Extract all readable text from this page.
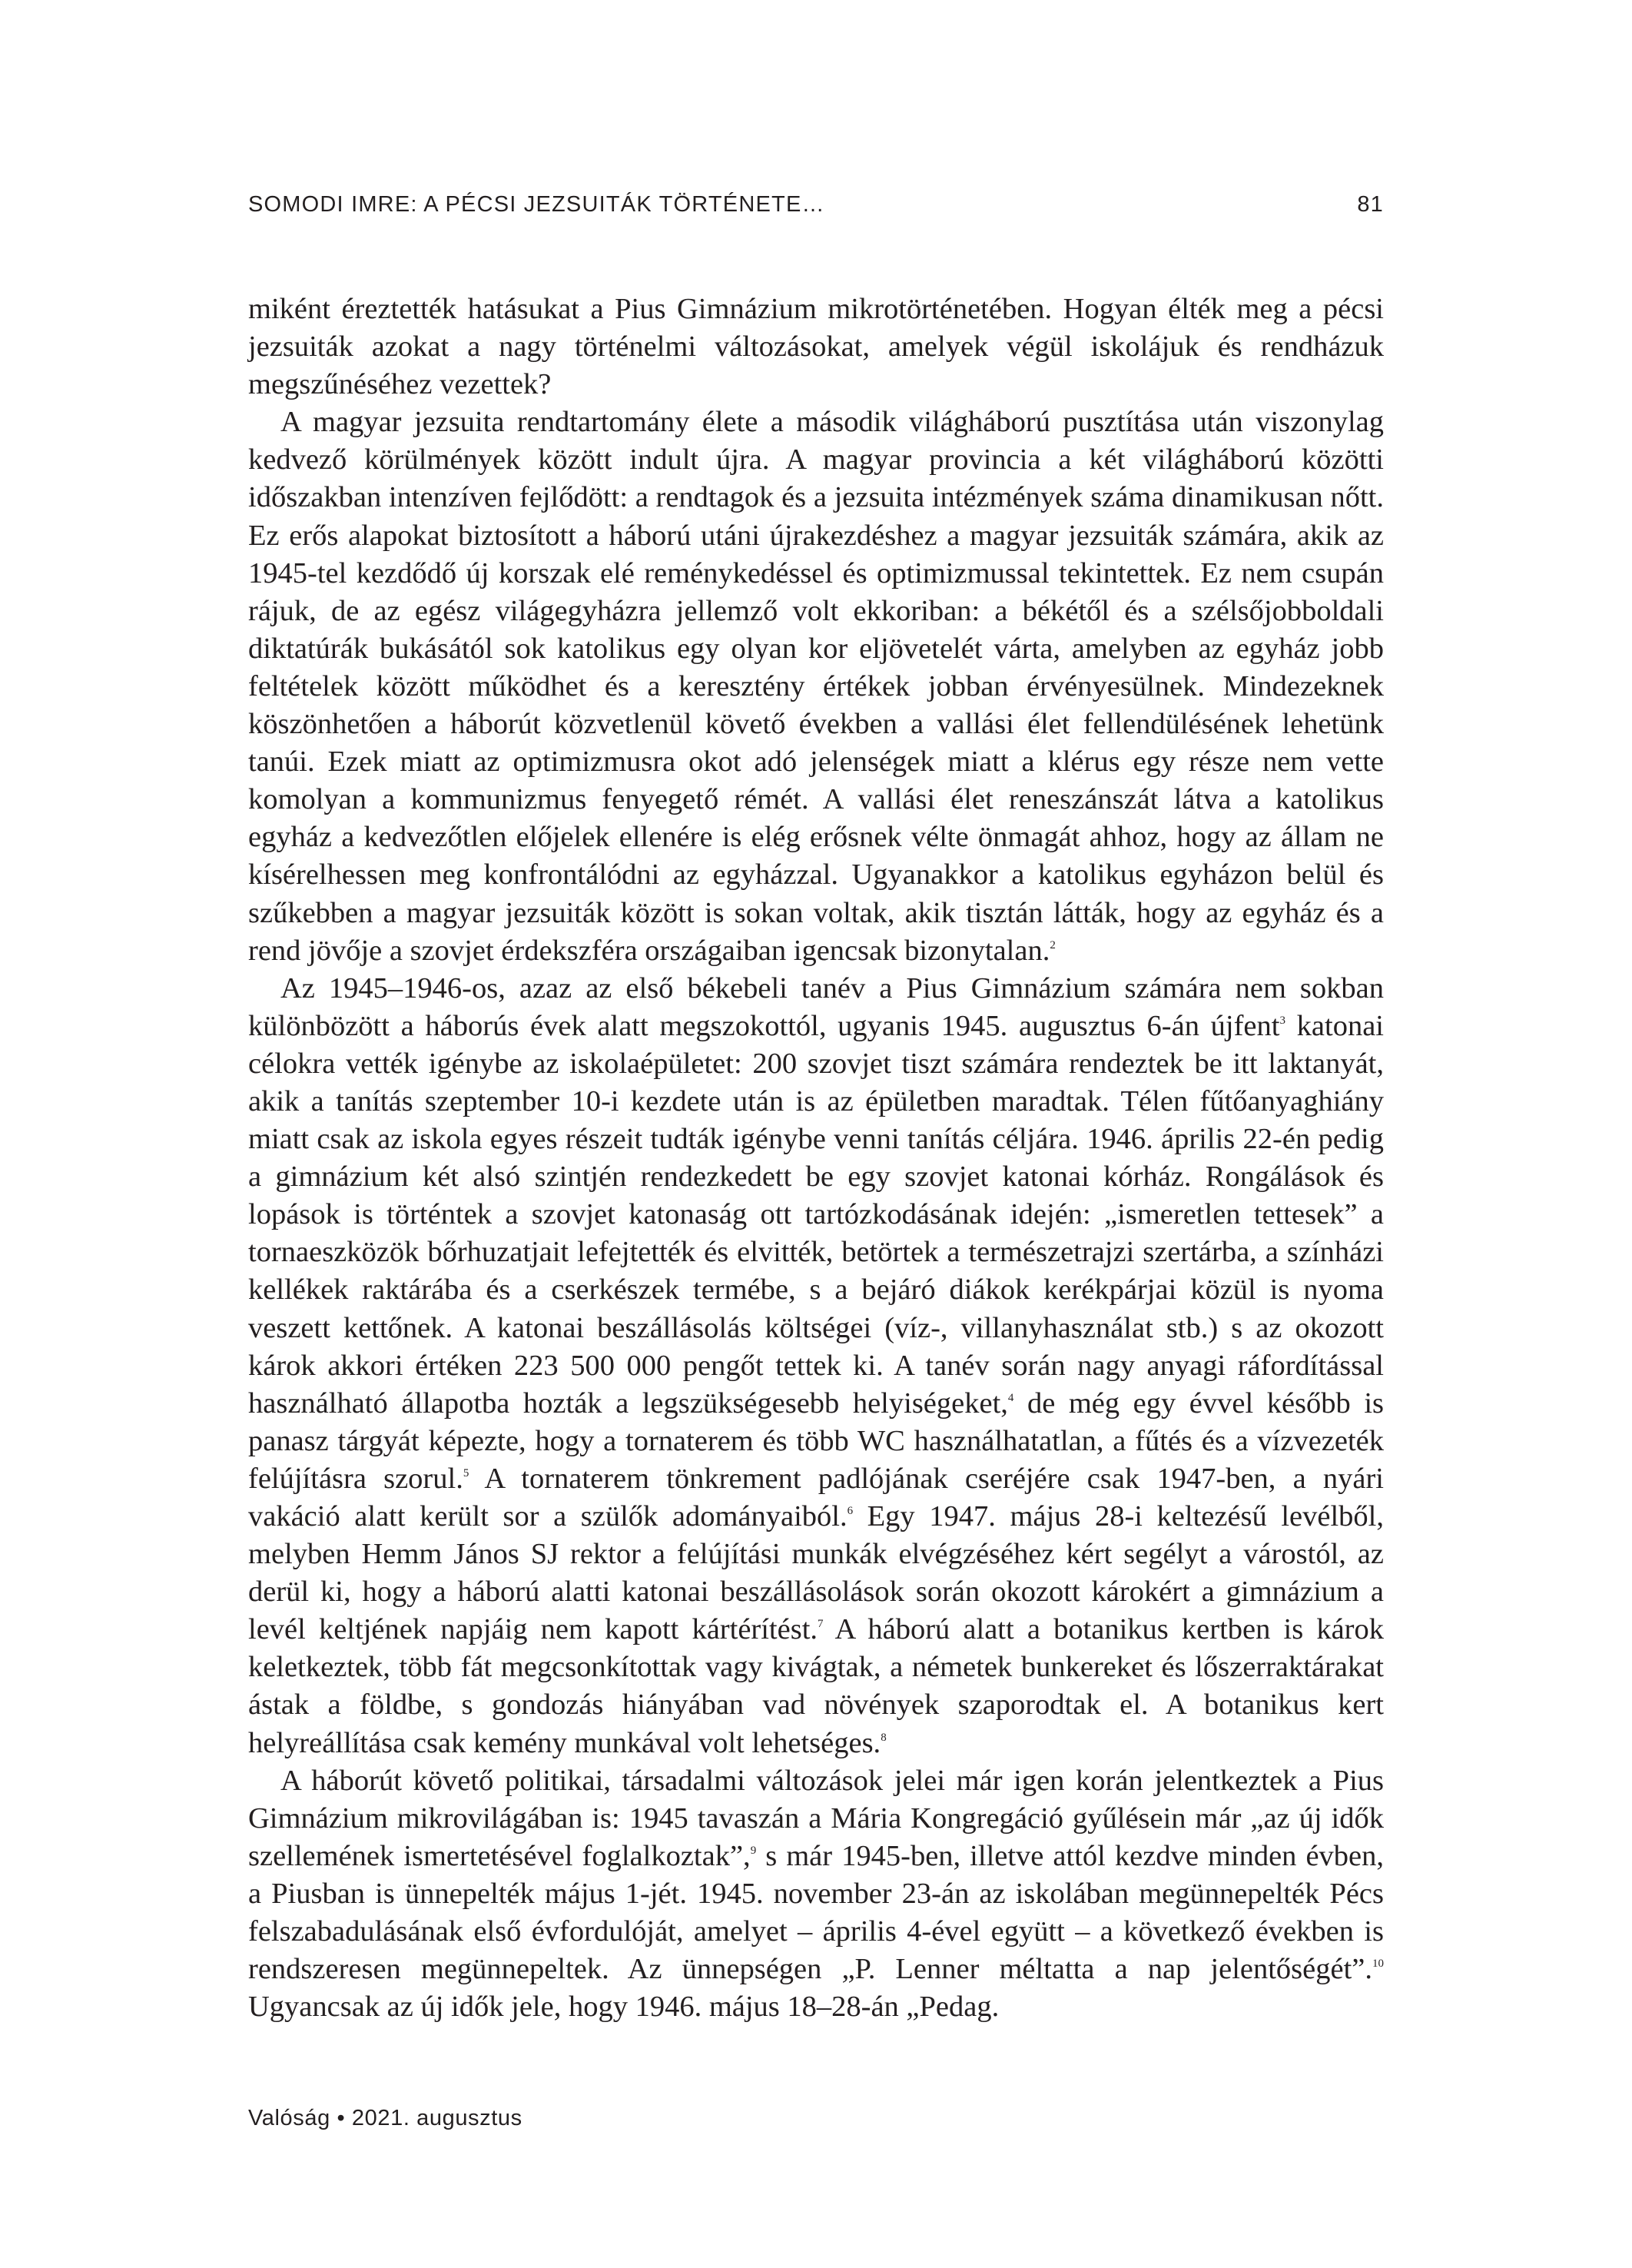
SOMODI IMRE: A PÉCSI JEZSUITÁK TÖRTÉNETE…	81

miként éreztették hatásukat a Pius Gimnázium mikrotörténetében. Hogyan élték meg a pécsi jezsuiták azokat a nagy történelmi változásokat, amelyek végül iskolájuk és rendházuk megszűnéséhez vezettek?

A magyar jezsuita rendtartomány élete a második világháború pusztítása után viszonylag kedvező körülmények között indult újra. A magyar provincia a két világháború közötti időszakban intenzíven fejlődött: a rendtagok és a jezsuita intézmények száma dinamikusan nőtt. Ez erős alapokat biztosított a háború utáni újrakezdéshez a magyar jezsuiták számára, akik az 1945-tel kezdődő új korszak elé reménykedéssel és optimizmussal tekintettek. Ez nem csupán rájuk, de az egész világegyházra jellemző volt ekkoriban: a békétől és a szélsőjobboldali diktatúrák bukásától sok katolikus egy olyan kor eljövetelét várta, amelyben az egyház jobb feltételek között működhet és a keresztény értékek jobban érvényesülnek. Mindezeknek köszönhetően a háborút közvetlenül követő években a vallási élet fellendülésének lehetünk tanúi. Ezek miatt az optimizmusra okot adó jelenségek miatt a klérus egy része nem vette komolyan a kommunizmus fenyegető rémét. A vallási élet reneszánszát látva a katolikus egyház a kedvezőtlen előjelek ellenére is elég erősnek vélte önmagát ahhoz, hogy az állam ne kísérelhessen meg konfrontálódni az egyházzal. Ugyanakkor a katolikus egyházon belül és szűkebben a magyar jezsuiták között is sokan voltak, akik tisztán látták, hogy az egyház és a rend jövője a szovjet érdekszféra országaiban igencsak bizonytalan.$^2$

Az 1945–1946-os, azaz az első békebeli tanév a Pius Gimnázium számára nem sokban különbözött a háborús évek alatt megszokottól, ugyanis 1945. augusztus 6-án újfent$^3$ katonai célokra vették igénybe az iskolaépületet: 200 szovjet tiszt számára rendeztek be itt laktanyát, akik a tanítás szeptember 10-i kezdete után is az épületben maradtak. Télen fűtőanyaghiány miatt csak az iskola egyes részeit tudták igénybe venni tanítás céljára. 1946. április 22-én pedig a gimnázium két alsó szintjén rendezkedett be egy szovjet katonai kórház. Rongálások és lopások is történtek a szovjet katonaság ott tartózkodásának idején: „ismeretlen tettesek” a tornaeszközök bőrhuzatjait lefejtették és elvitték, betörtek a természetrajzi szertárba, a színházi kellékek raktárába és a cserkészek termébe, s a bejáró diákok kerékpárjai közül is nyoma veszett kettőnek. A katonai beszállásolás költségei (víz-, villanyhasználat stb.) s az okozott károk akkori értéken 223 500 000 pengőt tettek ki. A tanév során nagy anyagi ráfordítással használható állapotba hozták a legszükségesebb helyiségeket,$^4$ de még egy évvel később is panasz tárgyát képezte, hogy a tornaterem és több WC használhatatlan, a fűtés és a vízvezeték felújításra szorul.$^5$ A tornaterem tönkrement padlójának cseréjére csak 1947-ben, a nyári vakáció alatt került sor a szülők adományaiból.$^6$ Egy 1947. május 28-i keltezésű levélből, melyben Hemm János SJ rektor a felújítási munkák elvégzéséhez kért segélyt a várostól, az derül ki, hogy a háború alatti katonai beszállásolások során okozott károkért a gimnázium a levél keltjének napjáig nem kapott kártérítést.$^7$ A háború alatt a botanikus kertben is károk keletkeztek, több fát megcsonkítottak vagy kivágtak, a németek bunkereket és lőszerraktárakat ástak a földbe, s gondozás hiányában vad növények szaporodtak el. A botanikus kert helyreállítása csak kemény munkával volt lehetséges.$^8$

A háborút követő politikai, társadalmi változások jelei már igen korán jelentkeztek a Pius Gimnázium mikrovilágában is: 1945 tavaszán a Mária Kongregáció gyűlésein már „az új idők szellemének ismertetésével foglalkoztak”,$^9$ s már 1945-ben, illetve attól kezdve minden évben, a Piusban is ünnepelték május 1-jét. 1945. november 23-án az iskolában megünnepelték Pécs felszabadulásának első évfordulóját, amelyet – április 4-ével együtt – a következő években is rendszeresen megünnepeltek. Az ünnepségen „P. Lenner méltatta a nap jelentőségét”.$^{10}$ Ugyancsak az új idők jele, hogy 1946. május 18–28-án „Pedag.

Valóság • 2021. augusztus
